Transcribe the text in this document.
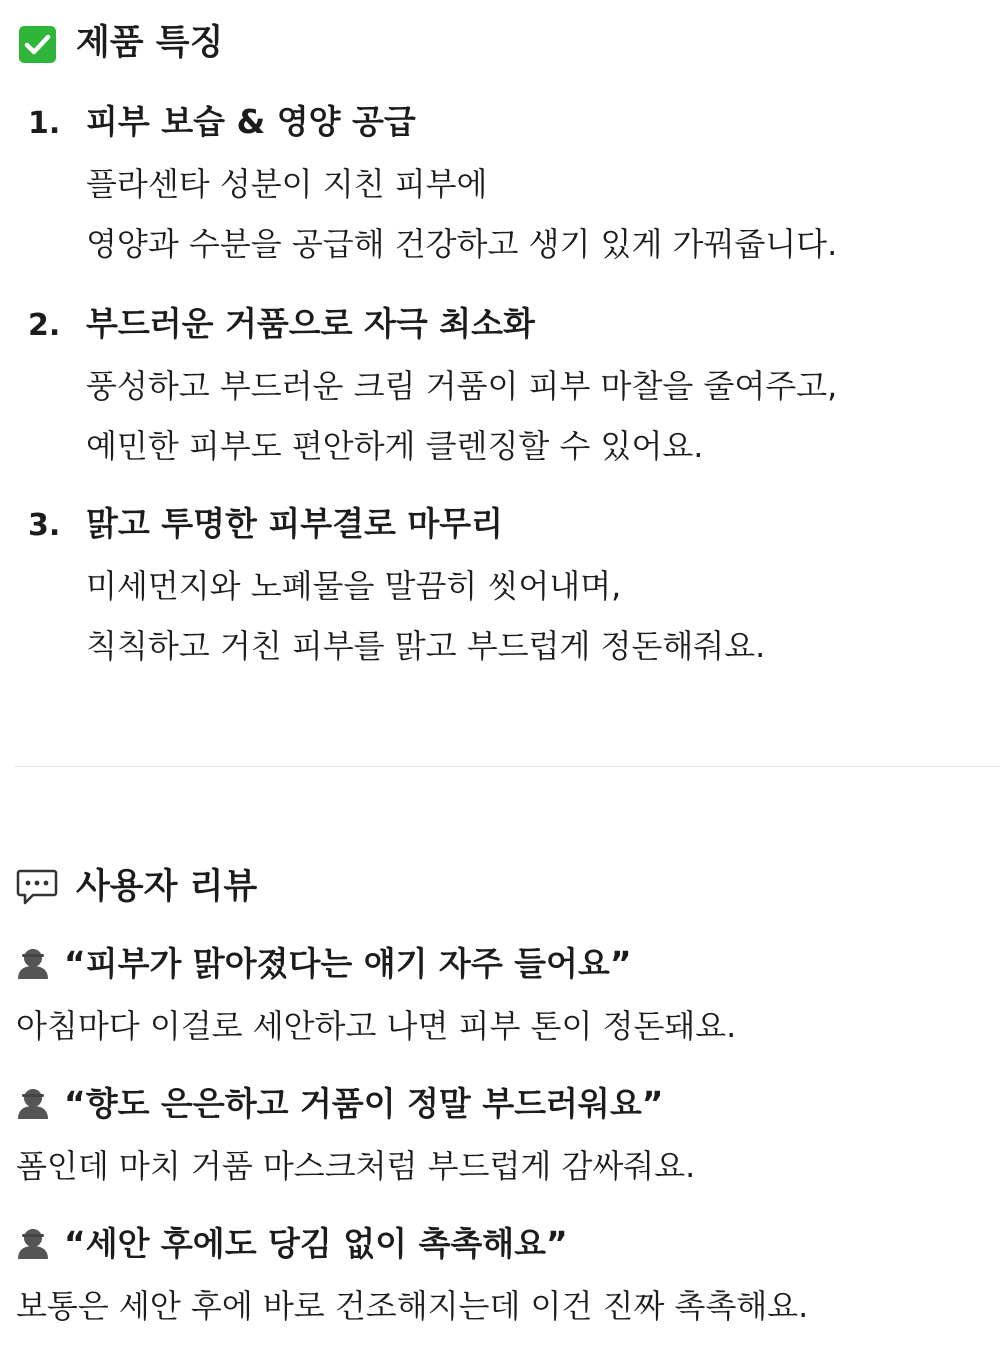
제품 특징
1. 피부 보습 & 영양 공급
플라센타 성분이 지친 피부에
영양과 수분을 공급해 건강하고 생기 있게 가꿔줍니다.
2. 부드러운 거품으로 자극 최소화
풍성하고 부드러운 크림 거품이 피부 마찰을 줄여주고,
예민한 피부도 편안하게 클렌징할 수 있어요.
3. 맑고 투명한 피부결로 마무리
미세먼지와 노폐물을 말끔히 씻어내며,
칙칙하고 거친 피부를 맑고 부드럽게 정돈해줘요.
사용자 리뷰
“피부가 맑아졌다는 얘기 자주 들어요”
아침마다 이걸로 세안하고 나면 피부 톤이 정돈돼요.
“향도 은은하고 거품이 정말 부드러워요”
폼인데 마치 거품 마스크처럼 부드럽게 감싸줘요.
“세안 후에도 당김 없이 촉촉해요”
보통은 세안 후에 바로 건조해지는데 이건 진짜 촉촉해요.
